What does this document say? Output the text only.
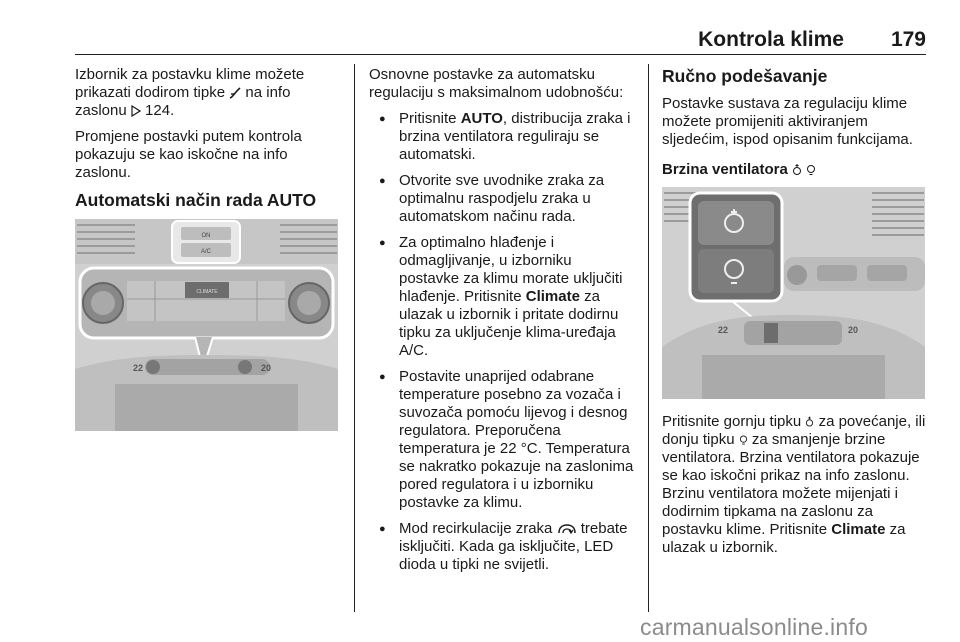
Kontrola klime 179

Izbornik za postavku klime možete prikazati dodirom tipke  na info zaslonu  124.

Promjene postavki putem kontrola pokazuju se kao iskočne na info zaslonu.

Automatski način rada AUTO
ON
A/C
CLIMATE
22	20

Osnovne postavke za automatsku regulaciju s maksimalnom udobnošću:

● Pritisnite AUTO, distribucija zraka i brzina ventilatora reguliraju se automatski.
● Otvorite sve uvodnike zraka za optimalnu raspodjelu zraka u automatskom načinu rada.
● Za optimalno hlađenje i odmagljivanje, u izborniku postavke za klimu morate uključiti hlađenje. Pritisnite Climate za ulazak u izbornik i pritate dodirnu tipku za uključenje klima-uređaja A/C.
● Postavite unaprijed odabrane temperature posebno za vozača i suvozača pomoću lijevog i desnog regulatora. Preporučena temperatura je 22 °C. Temperatura se nakratko pokazuje na zaslonima pored regulatora i u izborniku postavke za klimu.
● Mod recirkulacije zraka  trebate isključiti. Kada ga isključite, LED dioda u tipki ne svijetli.
Ručno podešavanje

Postavke sustava za regulaciju klime možete promijeniti aktiviranjem sljedećim, ispod opisanim funkcijama.

Brzina ventilatora
22	20

Pritisnite gornju tipku  za povećanje, ili donju tipku  za smanjenje brzine ventilatora. Brzina ventilatora pokazuje se kao iskočni prikaz na info zaslonu. Brzinu ventilatora možete mijenjati i dodirnim tipkama na zaslonu za postavku klime. Pritisnite Climate za ulazak u izbornik.

carmanualsonline.info
